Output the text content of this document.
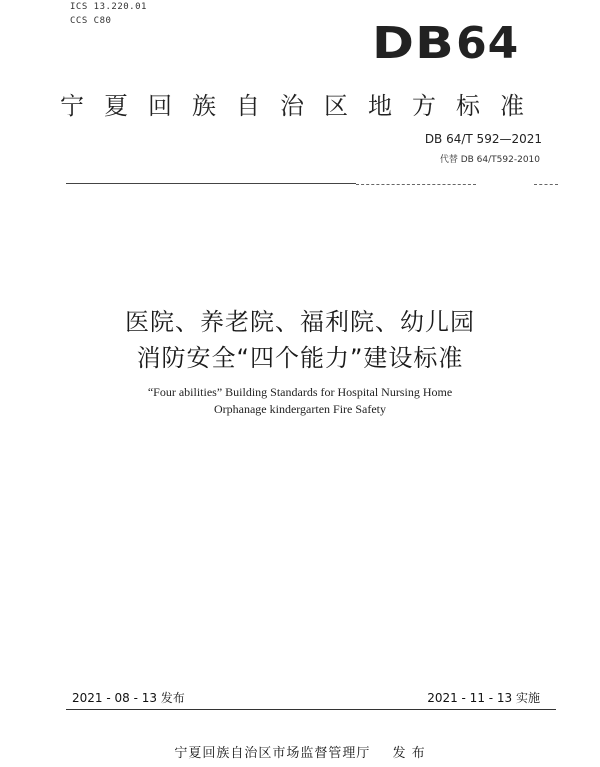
ICS 13.220.01
CCS C80	DB64
宁夏回族自治区地方标准
DB 64/T 592—2021
代替 DB 64/T592-2010
医院、养老院、福利院、幼儿园
消防安全“四个能力”建设标准
“Four abilities” Building Standards for Hospital Nursing Home
Orphanage kindergarten Fire Safety
2021 - 08 - 13 发布	2021 - 11 - 13 实施
宁夏回族自治区市场监督管理厅 发 布
